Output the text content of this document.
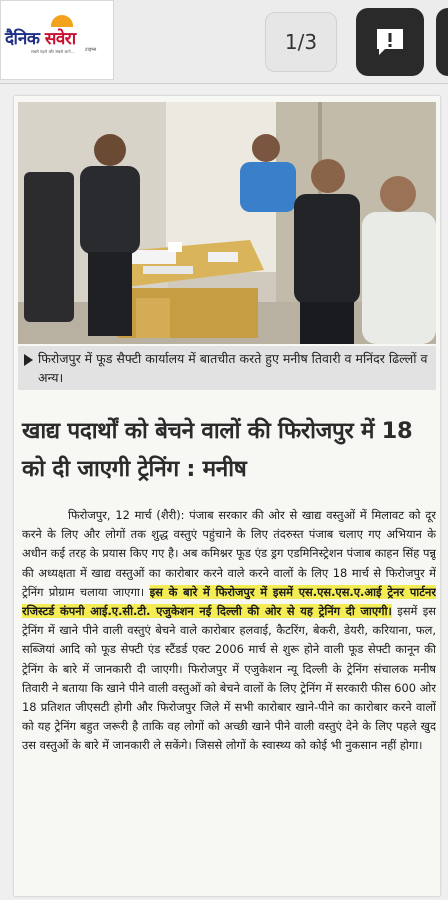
दैनिक सवेरा
सबसे पहले और सबसे आगे... टाइम्स	1/3
फिरोजपुर में फूड सैफ्टी कार्यालय में बातचीत करते हुए मनीष तिवारी व मनिंदर ढिल्लों व अन्य।
खाद्य पदार्थों को बेचने वालों की फिरोजपुर में 18 को दी जाएगी ट्रेनिंग : मनीष
फिरोजपुर, 12 मार्च (शैरी): पंजाब सरकार की ओर से खाद्य वस्तुओं में मिलावट को दूर करने के लिए और लोगों तक शुद्ध वस्तुएं पहुंचाने के लिए तंदरुस्त पंजाब चलाए गए अभियान के अधीन कई तरह के प्रयास किए गए है। अब कमिश्नर फूड एंड ड्रग एडमिनिस्ट्रेशन पंजाब काहन सिंह पन्नू की अध्यक्षता में खाद्य वस्तुओं का कारोबार करने वाले करने वालों के लिए 18 मार्च से फिरोजपुर में ट्रेनिंग प्रोग्राम चलाया जाएगा। इस के बारे में फिरोजपुर में इसमें एस.एस.एस.ए.आई ट्रेनर पार्टनर रजिस्टर्ड कंपनी आई.ए.सी.टी. एजुकेशन नई दिल्ली की ओर से यह ट्रेनिंग दी जाएगी। इसमें इस ट्रेनिंग में खाने पीने वाली वस्तुएं बेचने वाले कारोबार हलवाई, कैटरिंग, बेकरी, डेयरी, करियाना, फल, सब्जियां आदि को फूड सेफ्टी एंड स्टैंडर्ड एक्ट 2006 मार्च से शुरू होने वाली फूड सेफ्टी कानून की ट्रेनिंग के बारे में जानकारी दी जाएगी। फिरोजपुर में एजुकेशन न्यू दिल्ली के ट्रेनिंग संचालक मनीष तिवारी ने बताया कि खाने पीने वाली वस्तुओं को बेचने वालों के लिए ट्रेनिंग में सरकारी फीस 600 ओर 18 प्रतिशत जीएसटी होगी और फिरोजपुर जिले में सभी कारोबार खाने-पीने का कारोबार करने वालों को यह ट्रेनिंग बहुत जरूरी है ताकि वह लोगों को अच्छी खाने पीने वाली वस्तुएं देने के लिए पहले खुद उस वस्तुओं के बारे में जानकारी ले सकेंगे। जिससे लोगों के स्वास्थ्य को कोई भी नुकसान नहीं होगा।
